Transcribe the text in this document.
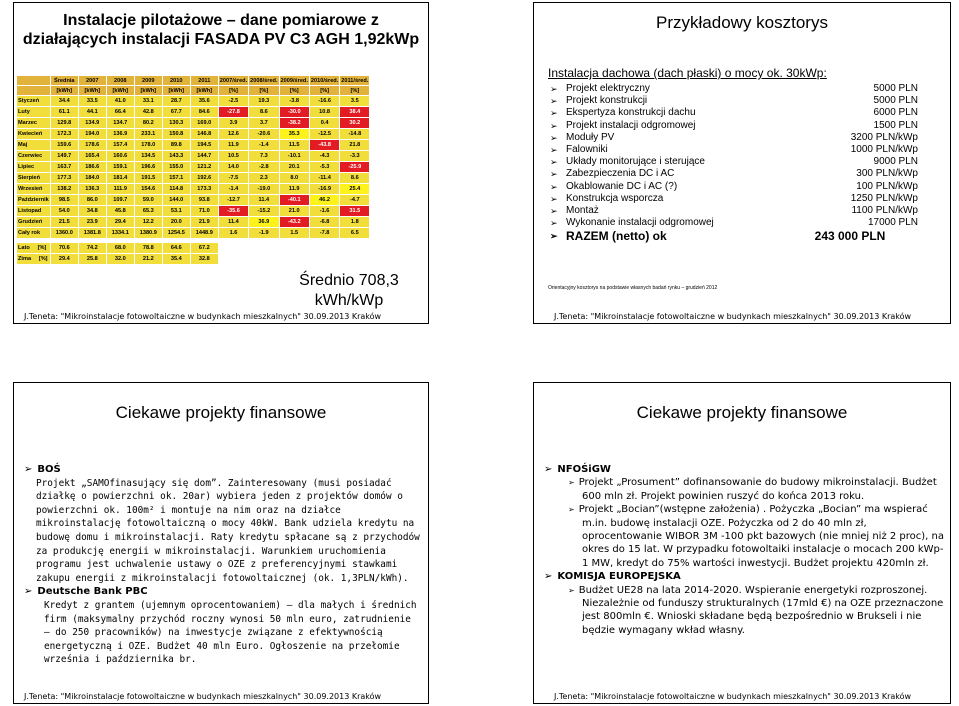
Instalacje pilotażowe – dane pomiarowe z działających instalacji FASADA PV C3 AGH 1,92kWp
	Średnia	2007	2008	2009	2010	2011	2007/śred.	2008/śred.	2009/śred.	2010/śred.	2011/śred.
	[kWh]	[kWh]	[kWh]	[kWh]	[kWh]	[kWh]	[%]	[%]	[%]	[%]	[%]
Styczeń	34.4	33.5	41.0	33.1	28.7	35.6	-2.5	19.3	-3.8	-16.6	3.5
Luty	61.1	44.1	66.4	42.8	67.7	84.6	-27.8	8.6	-30.0	10.8	38.4
Marzec	129.8	134.9	134.7	80.2	130.3	169.0	3.9	3.7	-38.2	0.4	30.2
Kwiecień	172.3	194.0	136.9	233.1	150.8	146.8	12.6	-20.6	35.3	-12.5	-14.8
Maj	159.6	178.6	157.4	178.0	89.8	194.5	11.9	-1.4	11.5	-43.8	21.8
Czerwiec	149.7	165.4	160.6	134.5	143.3	144.7	10.5	7.3	-10.1	-4.3	-3.3
Lipiec	163.7	186.6	159.1	196.6	155.0	121.2	14.0	-2.8	20.1	-5.3	-25.9
Sierpień	177.3	184.0	181.4	191.5	157.1	192.6	-7.5	2.3	8.0	-11.4	8.6
Wrzesień	138.2	136.3	111.9	154.6	114.8	173.3	-1.4	-19.0	11.9	-16.9	25.4
Październik	98.5	86.0	109.7	59.0	144.0	93.8	-12.7	11.4	-40.1	46.2	-4.7
Listopad	54.0	34.8	45.8	65.3	53.1	71.0	-35.6	-15.2	21.0	-1.6	31.5
Grudzień	21.5	23.9	29.4	12.2	20.0	21.9	11.4	36.9	-43.2	-6.8	1.8
Cały rok	1360.0	1381.8	1334.1	1380.9	1254.5	1448.9	1.6	-1.9	1.5	-7.8	6.5

Lato     [%]	70.6	74.2	68.0	78.8	64.6	67.2					
Zima     [%]	29.4	25.8	32.0	21.2	35.4	32.8					
Średnio 708,3 kWh/kWp
J.Teneta: "Mikroinstalacje fotowoltaiczne w budynkach mieszkalnych" 30.09.2013 Kraków
Przykładowy kosztorys
Instalacja dachowa (dach płaski) o mocy ok. 30kWp:
➢ Projekt elektryczny	5000 PLN
➢ Projekt konstrukcji	5000 PLN
➢ Ekspertyza konstrukcji dachu	6000 PLN
➢ Projekt instalacji odgromowej	1500 PLN
➢ Moduły PV	3200 PLN/kWp
➢ Falowniki	1000 PLN/kWp
➢ Układy monitorujące i sterujące	9000 PLN
➢ Zabezpieczenia DC i AC	300 PLN/kWp
➢ Okablowanie DC i AC (?)	100 PLN/kWp
➢ Konstrukcja wsporcza	1250 PLN/kWp
➢ Montaż	1100 PLN/kWp
➢ Wykonanie instalacji odgromowej	17000 PLN
➢ RAZEM (netto) ok	243 000 PLN
Orientacyjny kosztorys na podstawie własnych badań rynku – grudzień 2012
J.Teneta: "Mikroinstalacje fotowoltaiczne w budynkach mieszkalnych" 30.09.2013 Kraków
Ciekawe projekty finansowe
➢ BOŚ
Projekt „SAMOfinasujący się dom”. Zainteresowany (musi posiadać działkę o powierzchni ok. 20ar) wybiera jeden z projektów domów o powierzchni ok. 100m² i montuje na nim oraz na działce mikroinstalację fotowoltaiczną o mocy 40kW. Bank udziela kredytu na budowę domu i mikroinstalacji. Raty kredytu spłacane są z przychodów za produkcję energii w mikroinstalacji. Warunkiem uruchomienia programu jest uchwalenie ustawy o OZE z preferencyjnymi stawkami zakupu energii z mikroinstalacji fotowoltaicznej (ok. 1,3PLN/kWh).
➢ Deutsche Bank PBC
Kredyt z grantem (ujemnym oprocentowaniem) – dla małych i średnich firm (maksymalny przychód roczny wynosi 50 mln euro, zatrudnienie – do 250 pracowników) na inwestycje związane z efektywnością energetyczną i OZE. Budżet 40 mln Euro. Ogłoszenie na przełomie września i października br.
J.Teneta: "Mikroinstalacje fotowoltaiczne w budynkach mieszkalnych" 30.09.2013 Kraków
Ciekawe projekty finansowe
➢ NFOŚiGW
➢ Projekt „Prosument” dofinansowanie do budowy mikroinstalacji. Budżet 600 mln zł. Projekt powinien ruszyć do końca 2013 roku.
➢ Projekt „Bocian”(wstępne założenia) . Pożyczka „Bocian” ma wspierać m.in. budowę instalacji OZE. Pożyczka od 2 do 40 mln zł, oprocentowanie WIBOR 3M -100 pkt bazowych (nie mniej niż 2 proc), na okres do 15 lat. W przypadku fotowoltaiki instalacje o mocach 200 kWp-1 MW, kredyt do 75% wartości inwestycji. Budżet projektu 420mln zł.
➢ KOMISJA EUROPEJSKA
➢ Budżet UE28 na lata 2014-2020. Wspieranie energetyki rozproszonej. Niezależnie od funduszy strukturalnych (17mld €) na OZE przeznaczone jest 800mln €. Wnioski składane będą bezpośrednio w Brukseli i nie będzie wymagany wkład własny.
J.Teneta: "Mikroinstalacje fotowoltaiczne w budynkach mieszkalnych" 30.09.2013 Kraków
